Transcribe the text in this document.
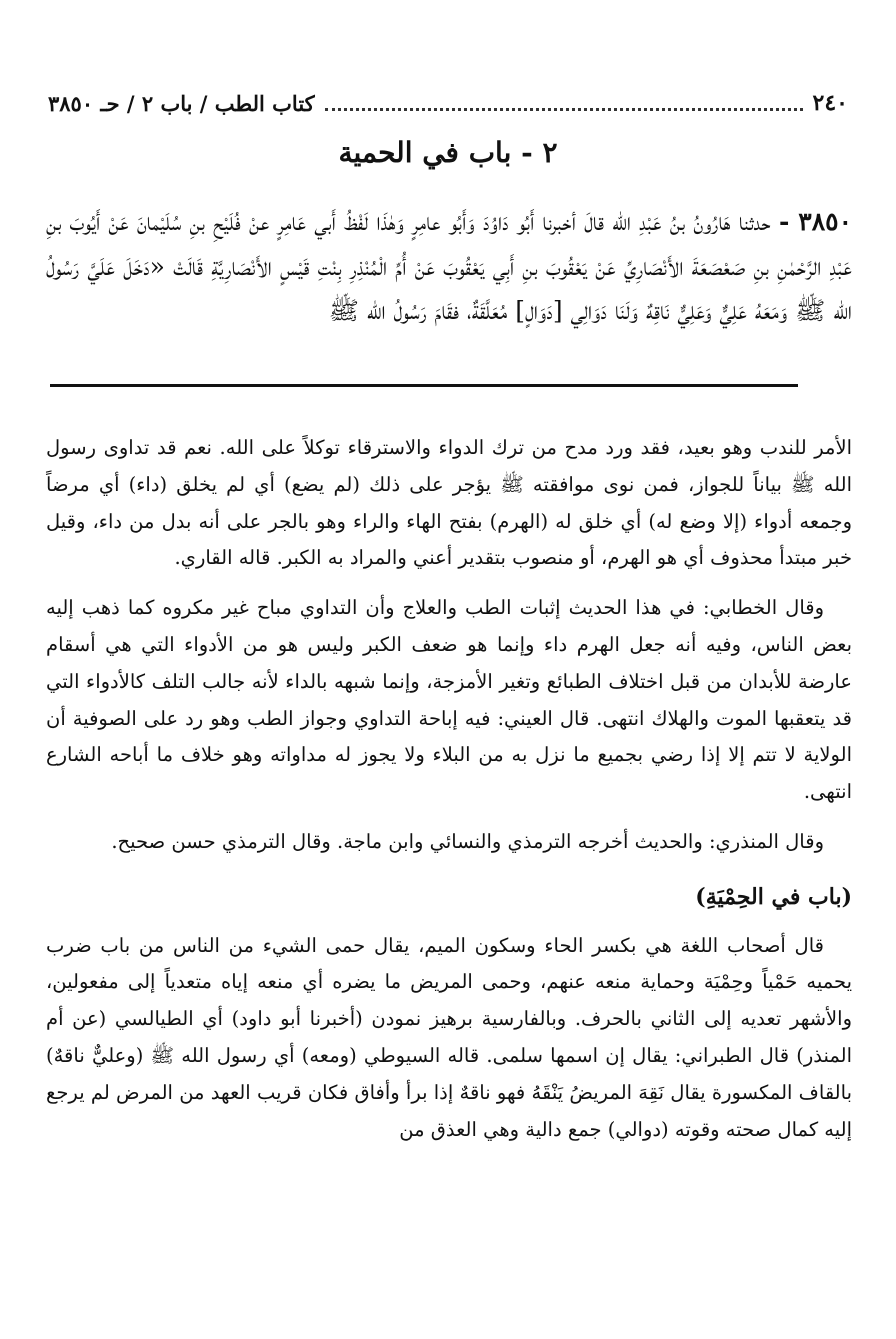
كتاب الطب / باب ٢ / حـ ٣٨٥٠	٢٤٠
٢ - باب في الحمية
٣٨٥٠ - حدثنا هَارُونُ بنُ عَبْدِ الله قالَ أخبرنا أَبُو دَاوُدَ وَأَبُو عامِرٍ وَهٰذَا لَفْظُ أَبي عَامِرٍ عنْ فُلَيْحِ بنِ سُلَيْمانَ عَنْ أَيُوبَ بنِ عَبْدِ الرَّحْمٰنِ بنِ صَعْصَعَةَ الأَنْصَارِيِّ عَنْ يَعْقُوبَ بنِ أَبِي يَعْقُوبَ عَنْ أُمِّ الْمُنْذِرِ بِنْتِ قَيْسٍ الأَنْصَارِيَّةِ قَالَتْ «دَخَلَ عَلَيَّ رَسُولُ الله ﷺ وَمَعَهُ عَلِيٌّ وَعَلِيٌّ نَاقِهٌ وَلَنَا دَوَالِي [دَوَالٍ] مُعَلَّقَةٌ، فقَامَ رَسُولُ الله ﷺ

الأمر للندب وهو بعيد، فقد ورد مدح من ترك الدواء والاسترقاء توكلاً على الله. نعم قد تداوى رسول الله ﷺ بياناً للجواز، فمن نوى موافقته ﷺ يؤجر على ذلك (لم يضع) أي لم يخلق (داء) أي مرضاً وجمعه أدواء (إلا وضع له) أي خلق له (الهرم) بفتح الهاء والراء وهو بالجر على أنه بدل من داء، وقيل خبر مبتدأ محذوف أي هو الهرم، أو منصوب بتقدير أعني والمراد به الكبر. قاله القاري.

وقال الخطابي: في هذا الحديث إثبات الطب والعلاج وأن التداوي مباح غير مكروه كما ذهب إليه بعض الناس، وفيه أنه جعل الهرم داء وإنما هو ضعف الكبر وليس هو من الأدواء التي هي أسقام عارضة للأبدان من قبل اختلاف الطبائع وتغير الأمزجة، وإنما شبهه بالداء لأنه جالب التلف كالأدواء التي قد يتعقبها الموت والهلاك انتهى. قال العيني: فيه إباحة التداوي وجواز الطب وهو رد على الصوفية أن الولاية لا تتم إلا إذا رضي بجميع ما نزل به من البلاء ولا يجوز له مداواته وهو خلاف ما أباحه الشارع انتهى.

وقال المنذري: والحديث أخرجه الترمذي والنسائي وابن ماجة. وقال الترمذي حسن صحيح.

(باب في الحِمْيَةِ)

قال أصحاب اللغة هي بكسر الحاء وسكون الميم، يقال حمى الشيء من الناس من باب ضرب يحميه حَمْياً وحِمْيَة وحماية منعه عنهم، وحمى المريض ما يضره أي منعه إياه متعدياً إلى مفعولين، والأشهر تعديه إلى الثاني بالحرف. وبالفارسية برهيز نمودن (أخبرنا أبو داود) أي الطيالسي (عن أم المنذر) قال الطبراني: يقال إن اسمها سلمى. قاله السيوطي (ومعه) أي رسول الله ﷺ (وعليٌّ ناقهٌ) بالقاف المكسورة يقال نَقِهَ المريضُ يَنْقَهُ فهو ناقهٌ إذا برأ وأفاق فكان قريب العهد من المرض لم يرجع إليه كمال صحته وقوته (دوالي) جمع دالية وهي العذق من
